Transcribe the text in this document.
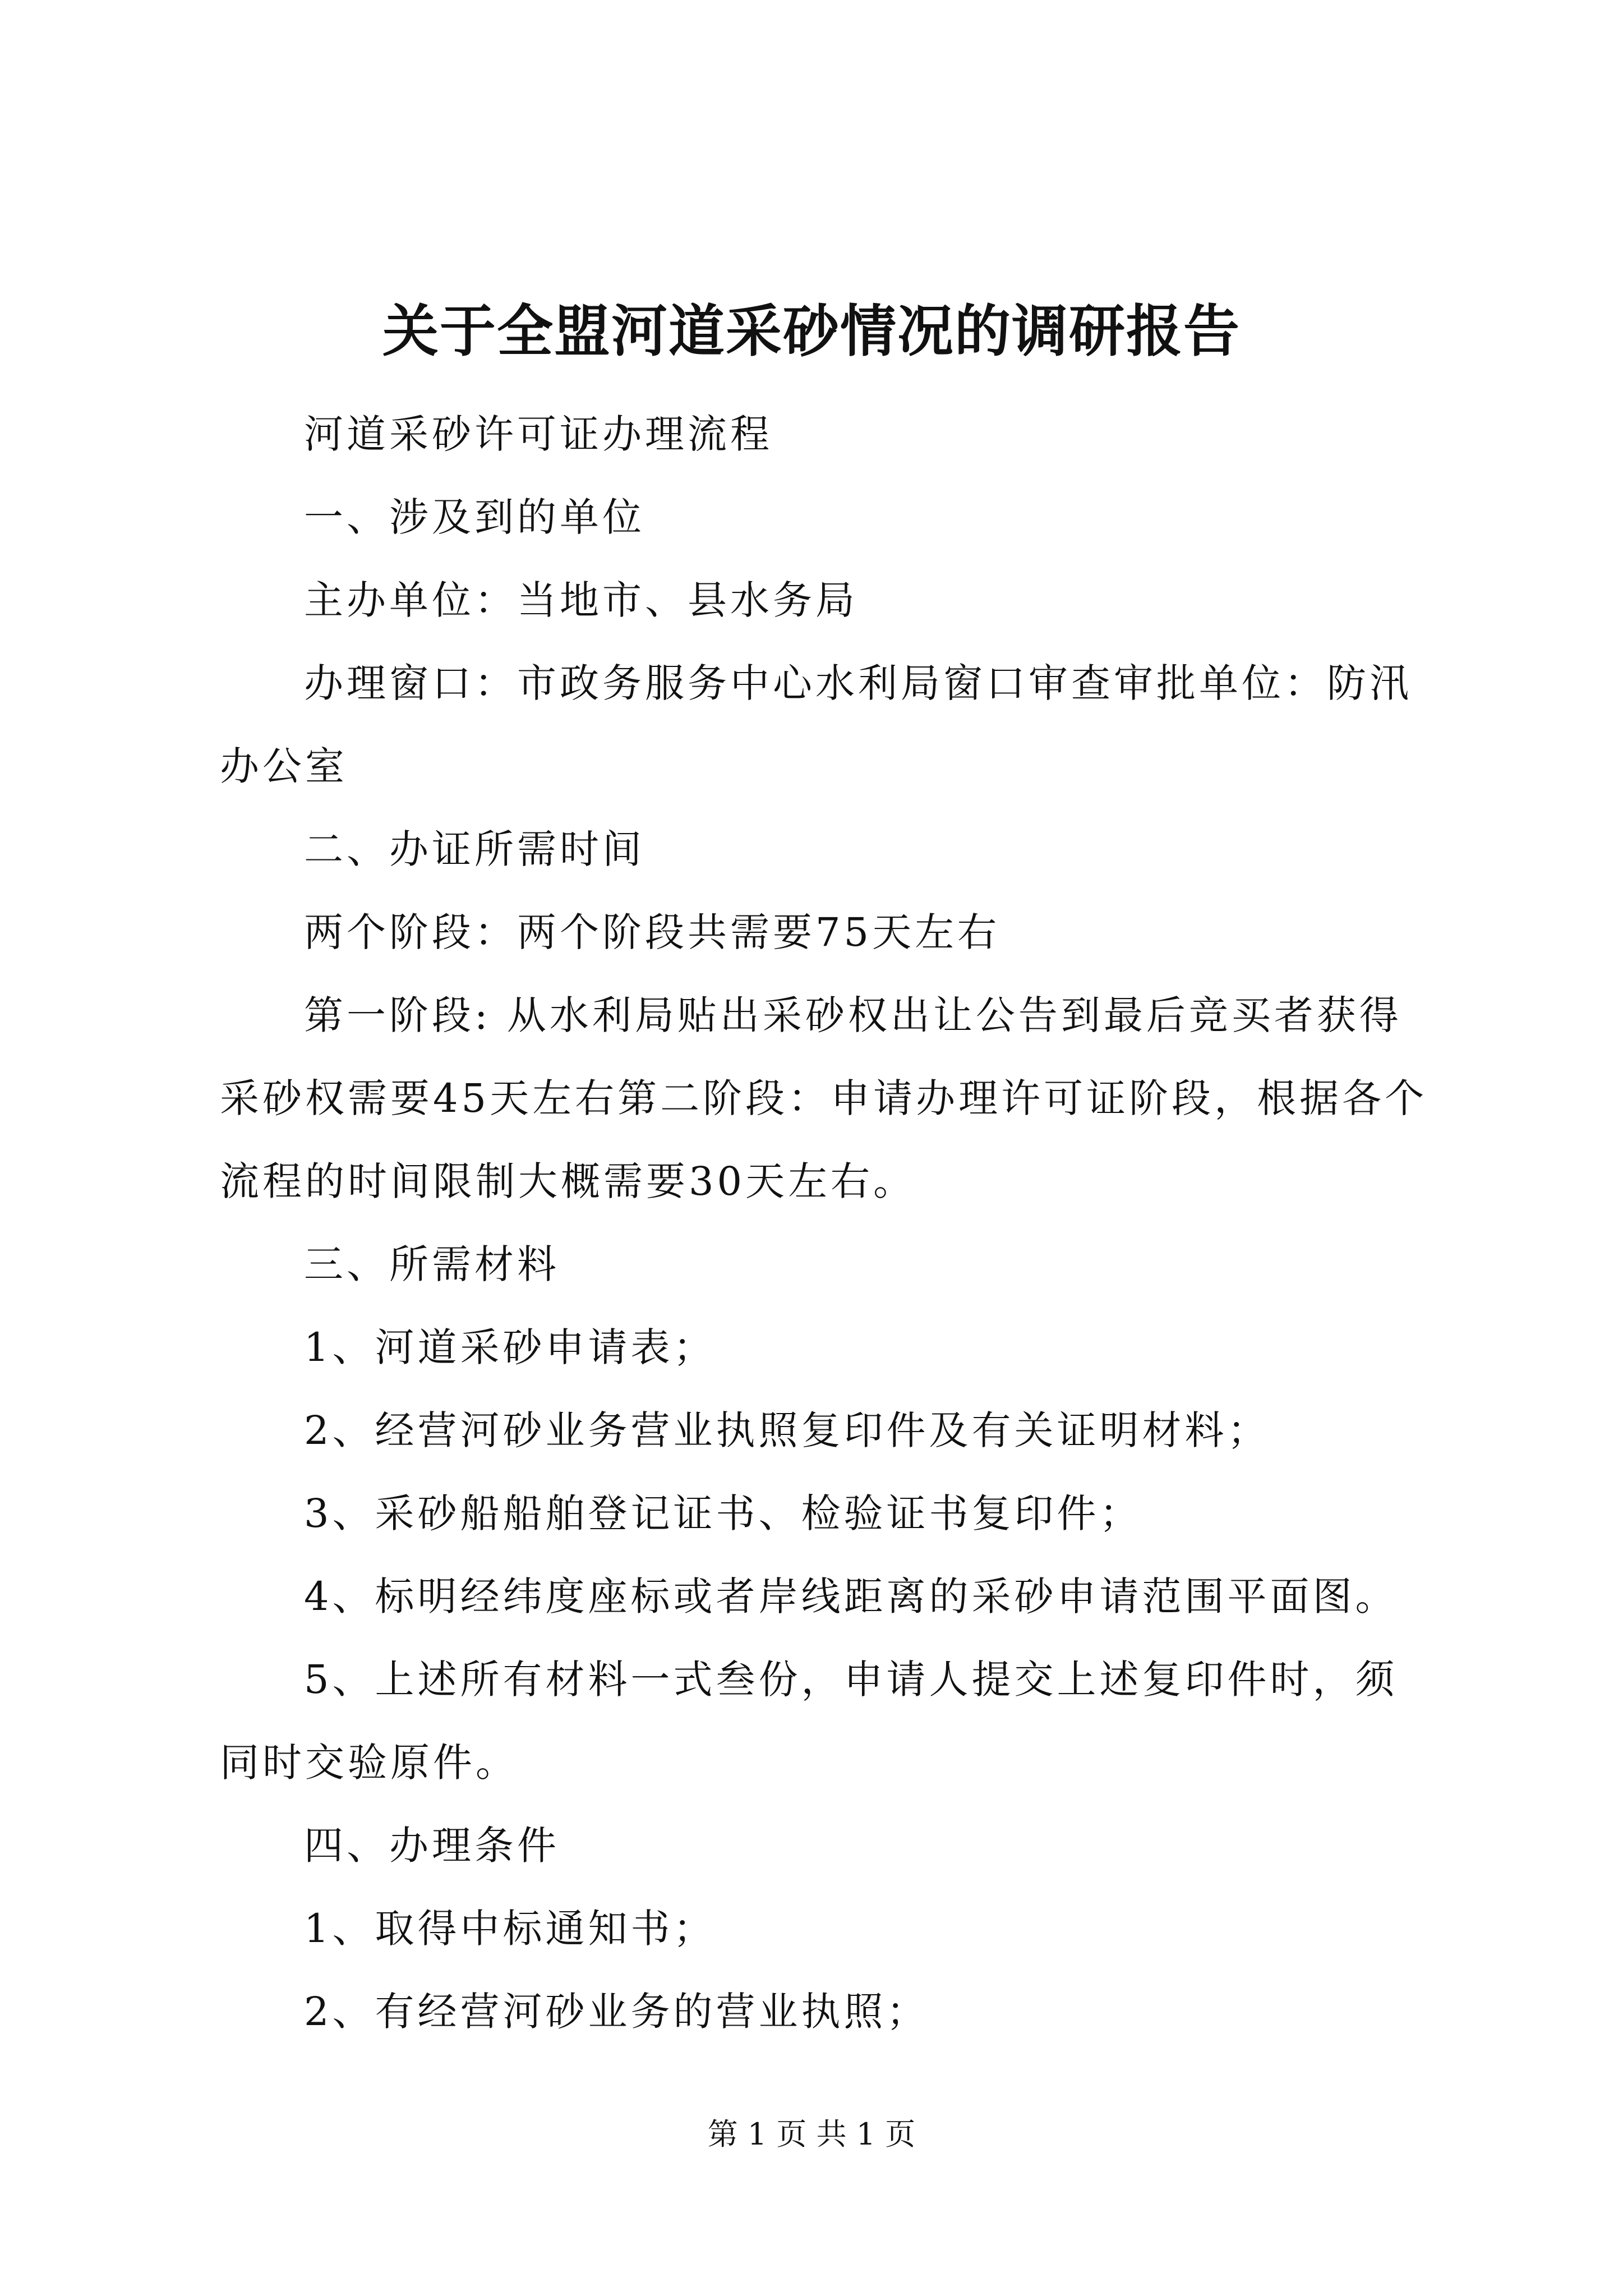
关于全盟河道采砂情况的调研报告

河道采砂许可证办理流程

一、涉及到的单位

主办单位：当地市、县水务局

办理窗口：市政务服务中心水利局窗口审查审批单位：防汛办公室

二、办证所需时间

两个阶段：两个阶段共需要75天左右

第一阶段: 从水利局贴出采砂权出让公告到最后竞买者获得采砂权需要45天左右第二阶段：申请办理许可证阶段，根据各个流程的时间限制大概需要30天左右。

三、所需材料

1、河道采砂申请表；

2、经营河砂业务营业执照复印件及有关证明材料；

3、采砂船船舶登记证书、检验证书复印件；

4、标明经纬度座标或者岸线距离的采砂申请范围平面图。

5、上述所有材料一式叁份，申请人提交上述复印件时，须同时交验原件。

四、办理条件

1、取得中标通知书；

2、有经营河砂业务的营业执照；

第 1 页 共 1 页
